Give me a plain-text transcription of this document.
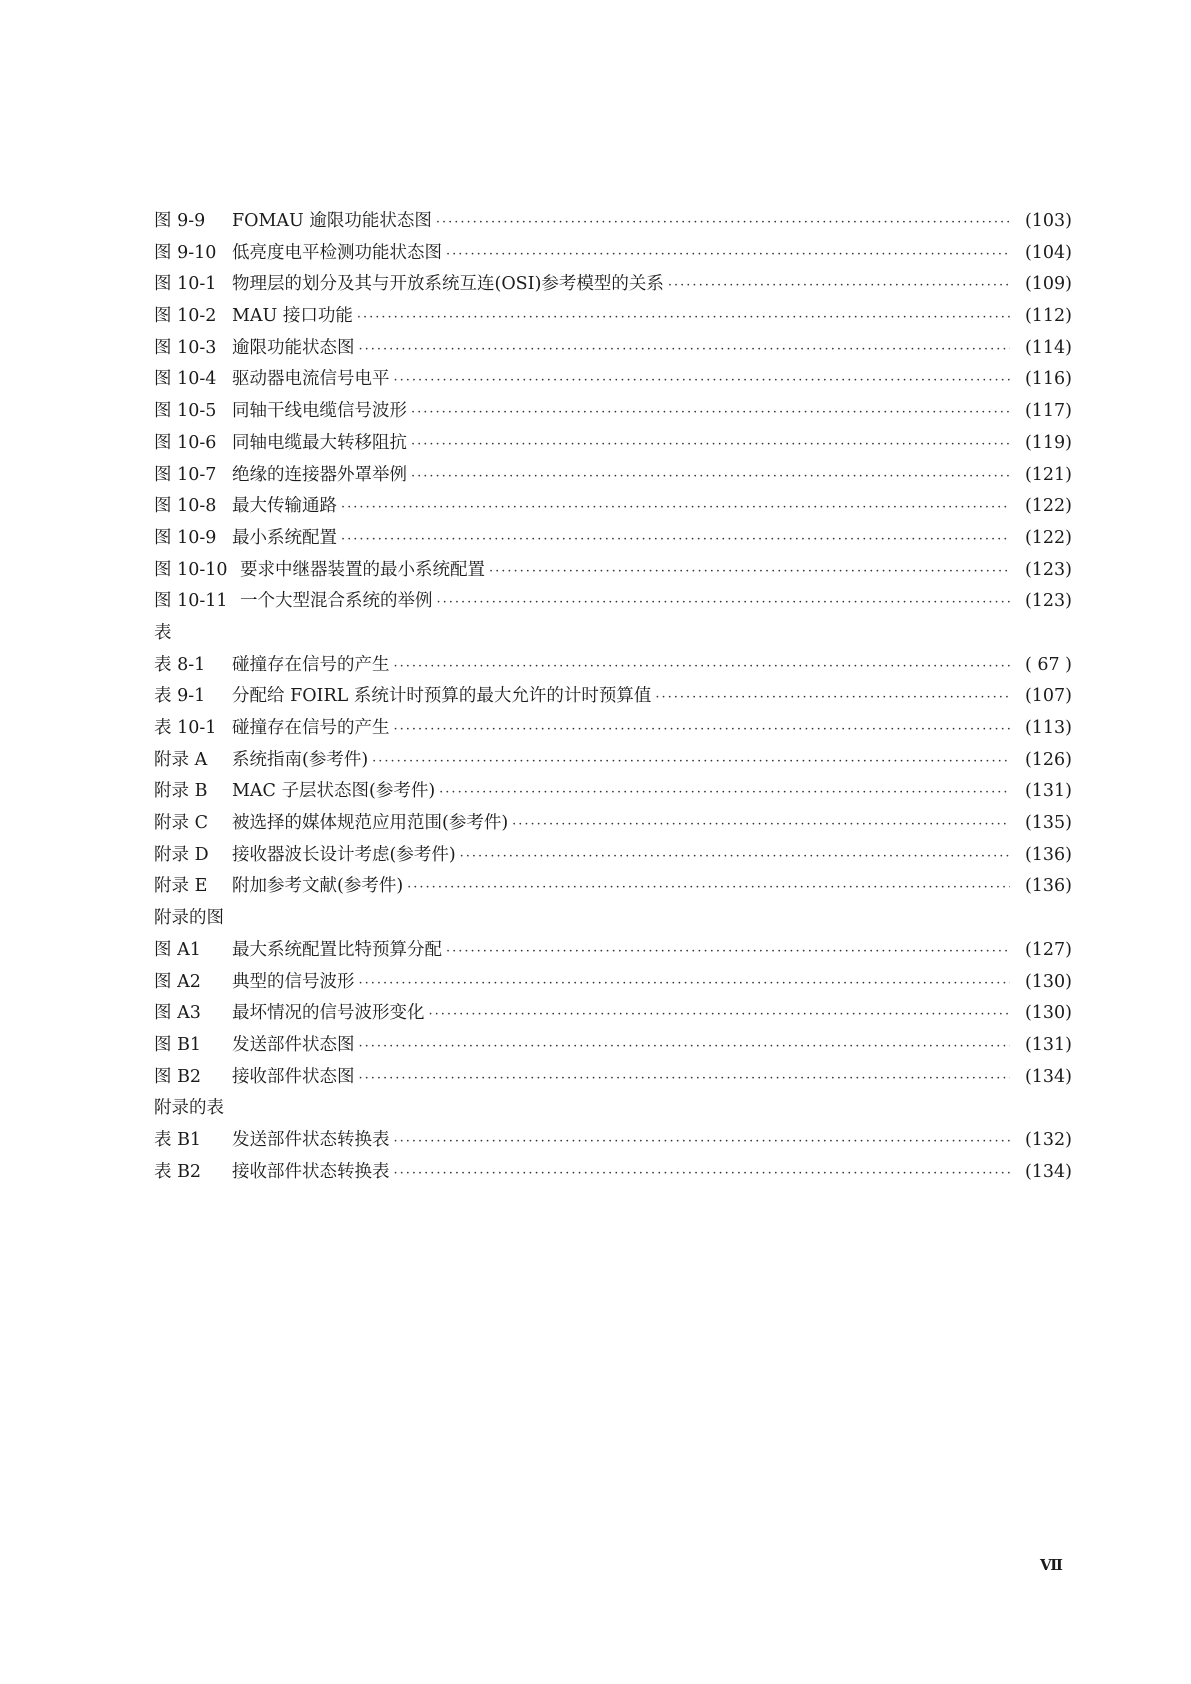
图 9-9	FOMAU 逾限功能状态图 ·····	(103)
图 9-10 低亮度电平检测功能状态图 ·····	(104)
图 10-1 物理层的划分及其与开放系统互连(OSI)参考模型的关系 ·····	(109)
图 10-2 MAU 接口功能 ·····	(112)
图 10-3 逾限功能状态图 ·····	(114)
图 10-4 驱动器电流信号电平 ·····	(116)
图 10-5 同轴干线电缆信号波形 ·····	(117)
图 10-6 同轴电缆最大转移阻抗 ·····	(119)
图 10-7 绝缘的连接器外罩举例 ·····	(121)
图 10-8 最大传输通路 ·····	(122)
图 10-9 最小系统配置 ·····	(122)
图 10-10 要求中继器装置的最小系统配置 ·····	(123)
图 10-11 一个大型混合系统的举例 ·····	(123)
表
表 8-1	碰撞存在信号的产生 ·····	( 67 )
表 9-1	分配给 FOIRL 系统计时预算的最大允许的计时预算值 ·····	(107)
表 10-1 碰撞存在信号的产生 ·····	(113)
附录 A	系统指南(参考件) ·····	(126)
附录 B	MAC 子层状态图(参考件) ·····	(131)
附录 C	被选择的媒体规范应用范围(参考件) ·····	(135)
附录 D	接收器波长设计考虑(参考件) ·····	(136)
附录 E	附加参考文献(参考件) ·····	(136)
附录的图
图 A1	最大系统配置比特预算分配 ·····	(127)
图 A2	典型的信号波形 ·····	(130)
图 A3	最坏情况的信号波形变化 ·····	(130)
图 B1	发送部件状态图 ·····	(131)
图 B2	接收部件状态图 ·····	(134)
附录的表
表 B1	发送部件状态转换表 ·····	(132)
表 B2	接收部件状态转换表 ·····	(134)
Ⅶ
